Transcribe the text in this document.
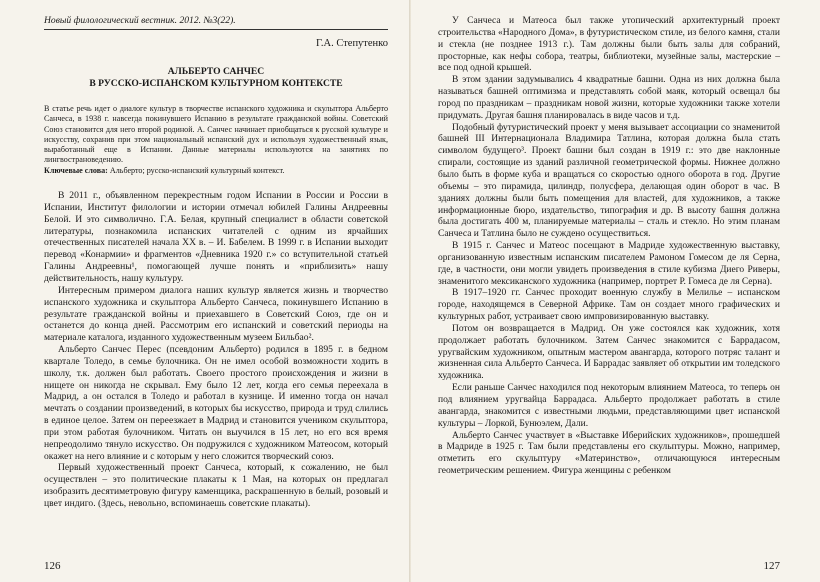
Новый филологический вестник. 2012. №3(22).
Г.А. Степутенко
АЛЬБЕРТО САНЧЕС
В РУССКО-ИСПАНСКОМ КУЛЬТУРНОМ КОНТЕКСТЕ

В статье речь идет о диалоге культур в творчестве испанского художника и скульптора Альберто Санчеса, в 1938 г. навсегда покинувшего Испанию в результате гражданской войны. Советский Союз становится для него второй родиной. А. Санчес начинает приобщаться к русской культуре и искусству, сохранив при этом национальный испанский дух и используя художественный язык, выработанный еще в Испании. Данные материалы используются на занятиях по лингвострановедению.

Ключевые слова: Альберто; русско-испанский культурный контекст.

В 2011 г., объявленном перекрестным годом Испании в России и России в Испании, Институт филологии и истории отмечал юбилей Галины Андреевны Белой. И это символично. Г.А. Белая, крупный специалист в области советской литературы, познакомила испанских читателей с одним из ярчайших отечественных писателей начала XX в. – И. Бабелем. В 1999 г. в Испании выходит перевод «Конармии» и фрагментов «Дневника 1920 г.» со вступительной статьей Галины Андреевны¹, помогающей лучше понять и «приблизить» нашу действительность, нашу культуру.

Интересным примером диалога наших культур является жизнь и творчество испанского художника и скульптора Альберто Санчеса, покинувшего Испанию в результате гражданской войны и приехавшего в Советский Союз, где он и останется до конца дней. Рассмотрим его испанский и советский периоды на материале каталога, изданного художественным музеем Бильбао².

Альберто Санчес Перес (псевдоним Альберто) родился в 1895 г. в бедном квартале Толедо, в семье булочника. Он не имел особой возможности ходить в школу, т.к. должен был работать. Своего простого происхождения и жизни в нищете он никогда не скрывал. Ему было 12 лет, когда его семья переехала в Мадрид, а он остался в Толедо и работал в кузнице. И именно тогда он начал мечтать о создании произведений, в которых бы искусство, природа и труд слились в единое целое. Затем он переезжает в Мадрид и становится учеником скульптора, при этом работая булочником. Читать он выучился в 15 лет, но его вся время непреодолимо тянуло искусство. Он подружился с художником Матеосом, который окажет на него влияние и с которым у него сложится творческий союз.

Первый художественный проект Санчеса, который, к сожалению, не был осуществлен – это политические плакаты к 1 Мая, на которых он предлагал изобразить десятиметровую фигуру каменщика, раскрашенную в белый, розовый и цвет индиго. (Здесь, невольно, вспоминаешь советские плакаты).

126

У Санчеса и Матеоса был также утопический архитектурный проект строительства «Народного Дома», в футуристическом стиле, из белого камня, стали и стекла (не позднее 1913 г.). Там должны были быть залы для собраний, просторные, как нефы собора, театры, библиотеки, музейные залы, мастерские – все под одной крышей.

В этом здании задумывались 4 квадратные башни. Одна из них должна была называться башней оптимизма и представлять собой маяк, который освещал бы город по праздникам – праздникам новой жизни, которые художники также хотели придумать. Другая башня планировалась в виде часов и т.д.

Подобный футуристический проект у меня вызывает ассоциации со знаменитой башней III Интернационала Владимира Татлина, которая должна была стать символом будущего³. Проект башни был создан в 1919 г.: это две наклонные спирали, состоящие из зданий различной геометрической формы. Нижнее должно было быть в форме куба и вращаться со скоростью одного оборота в год. Другие объемы – это пирамида, цилиндр, полусфера, делающая один оборот в час. В зданиях должны были быть помещения для властей, для художников, а также информационные бюро, издательство, типография и др. В высоту башня должна была достигать 400 м, планируемые материалы – сталь и стекло. Но этим планам Санчеса и Татлина было не суждено осуществиться.

В 1915 г. Санчес и Матеос посещают в Мадриде художественную выставку, организованную известным испанским писателем Рамоном Гомесом де ля Серна, где, в частности, они могли увидеть произведения в стиле кубизма Диего Риверы, знаменитого мексиканского художника (например, портрет Р. Гомеса де ля Серна).

В 1917–1920 гг. Санчес проходит военную службу в Мелилье – испанском городе, находящемся в Северной Африке. Там он создает много графических и культурных работ, устраивает свою импровизированную выставку.

Потом он возвращается в Мадрид. Он уже состоялся как художник, хотя продолжает работать булочником. Затем Санчес знакомится с Баррадасом, уругвайским художником, опытным мастером авангарда, которого потряс талант и жизненная сила Альберто Санчеса. И Баррадас заявляет об открытии им толедского художника.

Если раньше Санчес находился под некоторым влиянием Матеоса, то теперь он под влиянием уругвайца Баррадаса. Альберто продолжает работать в стиле авангарда, знакомится с известными людьми, представляющими цвет испанской культуры – Лоркой, Бунюэлем, Дали.

Альберто Санчес участвует в «Выставке Иберийских художников», прошедшей в Мадриде в 1925 г. Там были представлены его скульптуры. Можно, например, отметить его скульптуру «Материнство», отличающуюся интересным геометрическим решением. Фигура женщины с ребенком

127
